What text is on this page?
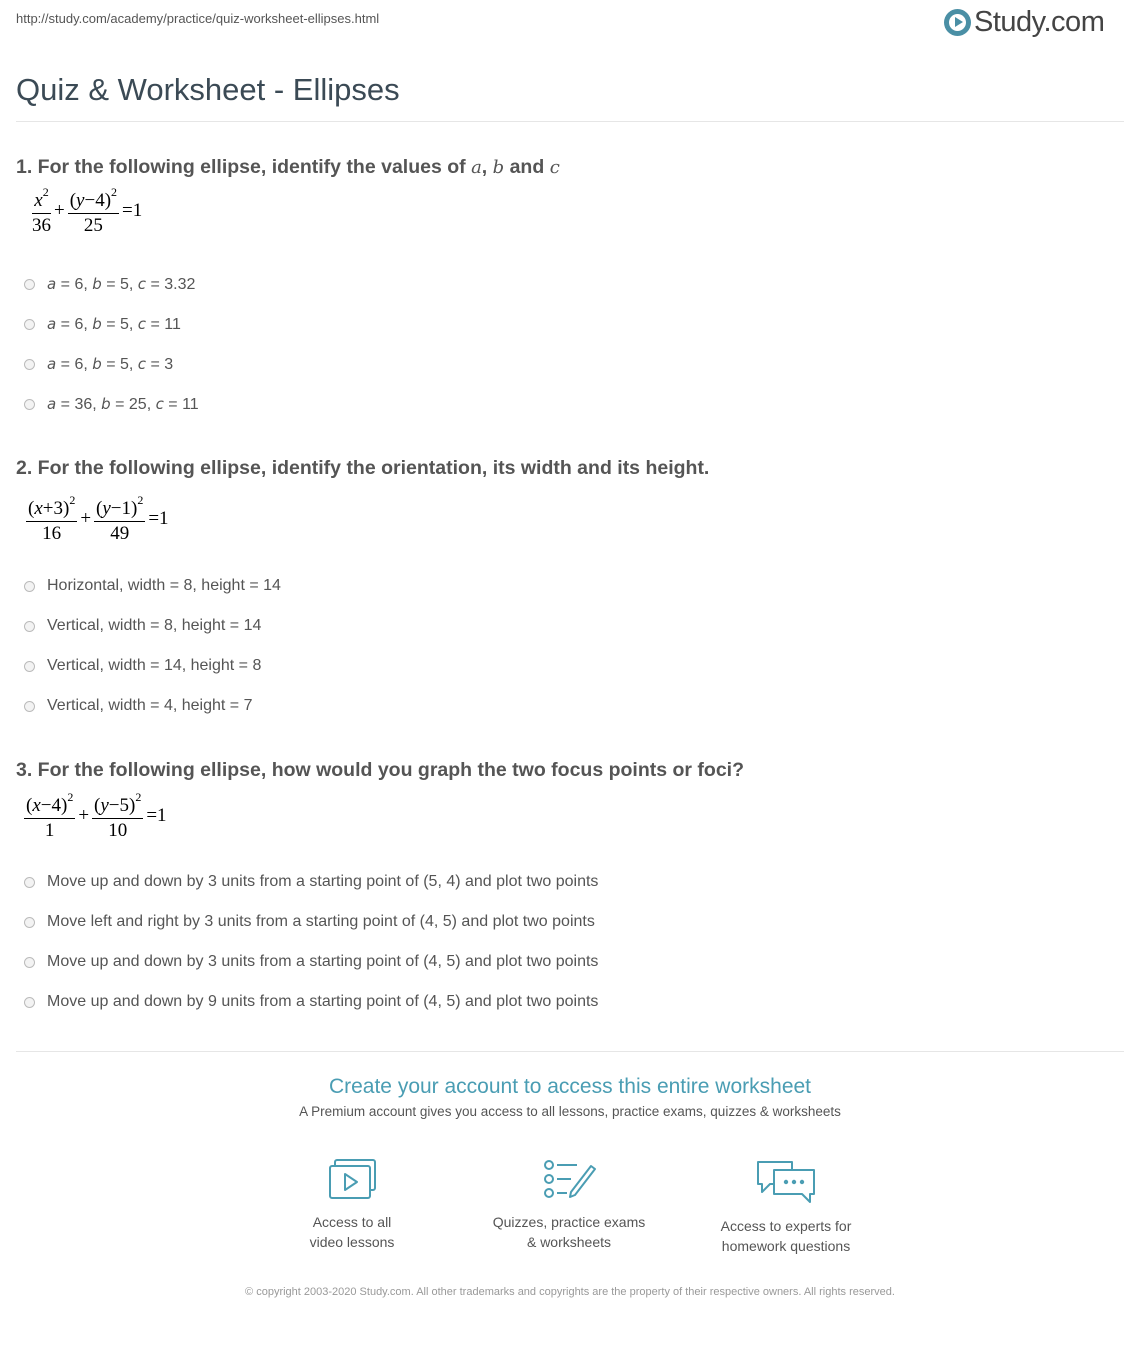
http://study.com/academy/practice/quiz-worksheet-ellipses.html	Study.com
Quiz & Worksheet - Ellipses
1. For the following ellipse, identify the values of a, b and c
$\frac{x^2}{36} + \frac{(y-4)^2}{25} =1$
a = 6, b = 5, c = 3.32
a = 6, b = 5, c = 11
a = 6, b = 5, c = 3
a = 36, b = 25, c = 11
2. For the following ellipse, identify the orientation, its width and its height.
$\frac{(x+3)^2}{16} + \frac{(y-1)^2}{49} =1$
Horizontal, width = 8, height = 14
Vertical, width = 8, height = 14
Vertical, width = 14, height = 8
Vertical, width = 4, height = 7
3. For the following ellipse, how would you graph the two focus points or foci?
$\frac{(x-4)^2}{1} + \frac{(y-5)^2}{10} =1$
Move up and down by 3 units from a starting point of (5, 4) and plot two points
Move left and right by 3 units from a starting point of (4, 5) and plot two points
Move up and down by 3 units from a starting point of (4, 5) and plot two points
Move up and down by 9 units from a starting point of (4, 5) and plot two points
Create your account to access this entire worksheet
A Premium account gives you access to all lessons, practice exams, quizzes & worksheets
Access to all
video lessons
Quizzes, practice exams
& worksheets
Access to experts for
homework questions
© copyright 2003-2020 Study.com. All other trademarks and copyrights are the property of their respective owners. All rights reserved.
